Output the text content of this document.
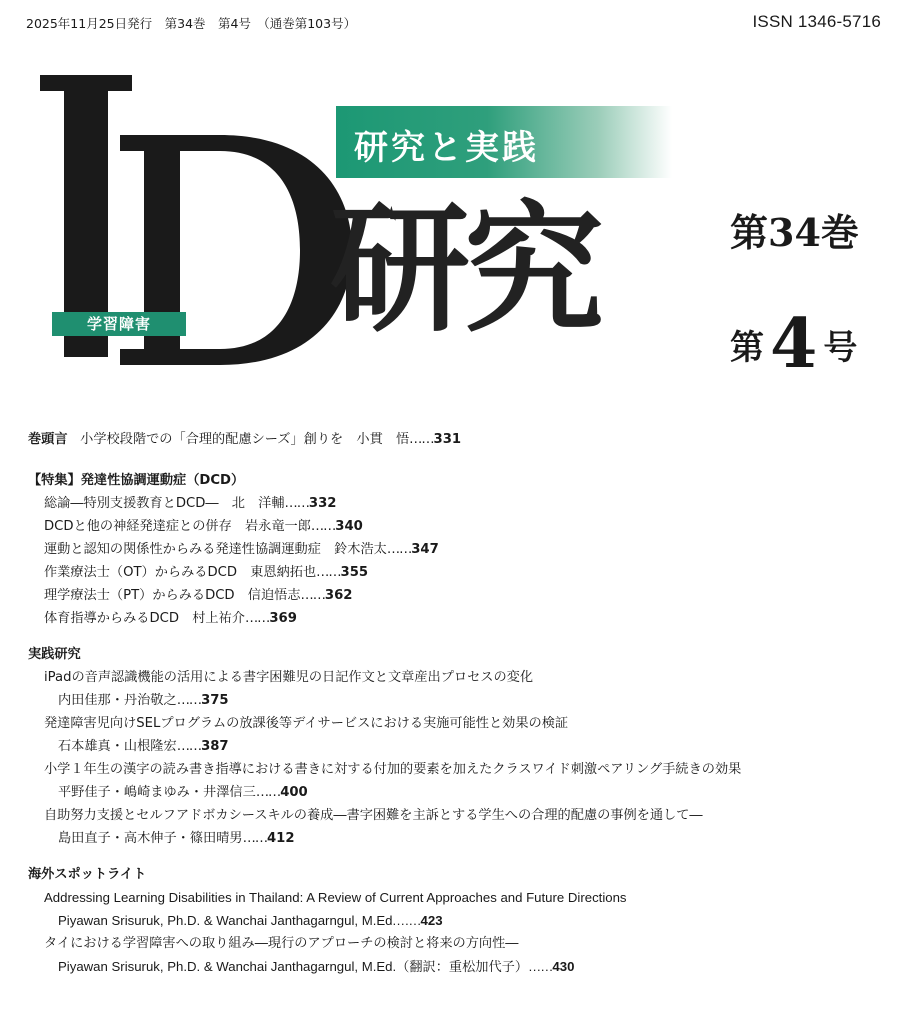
2025年11月25日発行　第34巻　第4号　（通巻第103号）	ISSN 1346-5716
学習障害
研究と実践
研究	第34巻
第4 号
巻頭言 小学校段階での「合理的配慮シーズ」創りを　小貫　悟……331
【特集】発達性協調運動症（DCD）
総論―特別支援教育とDCD―　北　洋輔……332
DCDと他の神経発達症との併存　岩永竜一郎……340
運動と認知の関係性からみる発達性協調運動症　鈴木浩太……347
作業療法士（OT）からみるDCD　東恩納拓也……355
理学療法士（PT）からみるDCD　信迫悟志……362
体育指導からみるDCD　村上祐介……369
実践研究
iPadの音声認識機能の活用による書字困難児の日記作文と文章産出プロセスの変化
内田佳那・丹治敬之……375
発達障害児向けSELプログラムの放課後等デイサービスにおける実施可能性と効果の検証
石本雄真・山根隆宏……387
小学１年生の漢字の読み書き指導における書きに対する付加的要素を加えたクラスワイド刺激ペアリング手続きの効果
平野佳子・嶋崎まゆみ・井澤信三……400
自助努力支援とセルフアドボカシースキルの養成―書字困難を主訴とする学生への合理的配慮の事例を通して―
島田直子・高木伸子・篠田晴男……412
海外スポットライト
Addressing Learning Disabilities in Thailand: A Review of Current Approaches and Future Directions
Piyawan Srisuruk, Ph.D. & Wanchai Janthagarngul, M.Ed.……423
タイにおける学習障害への取り組み―現行のアプローチの検討と将来の方向性―
Piyawan Srisuruk, Ph.D. & Wanchai Janthagarngul, M.Ed.（翻訳：重松加代子）……430
